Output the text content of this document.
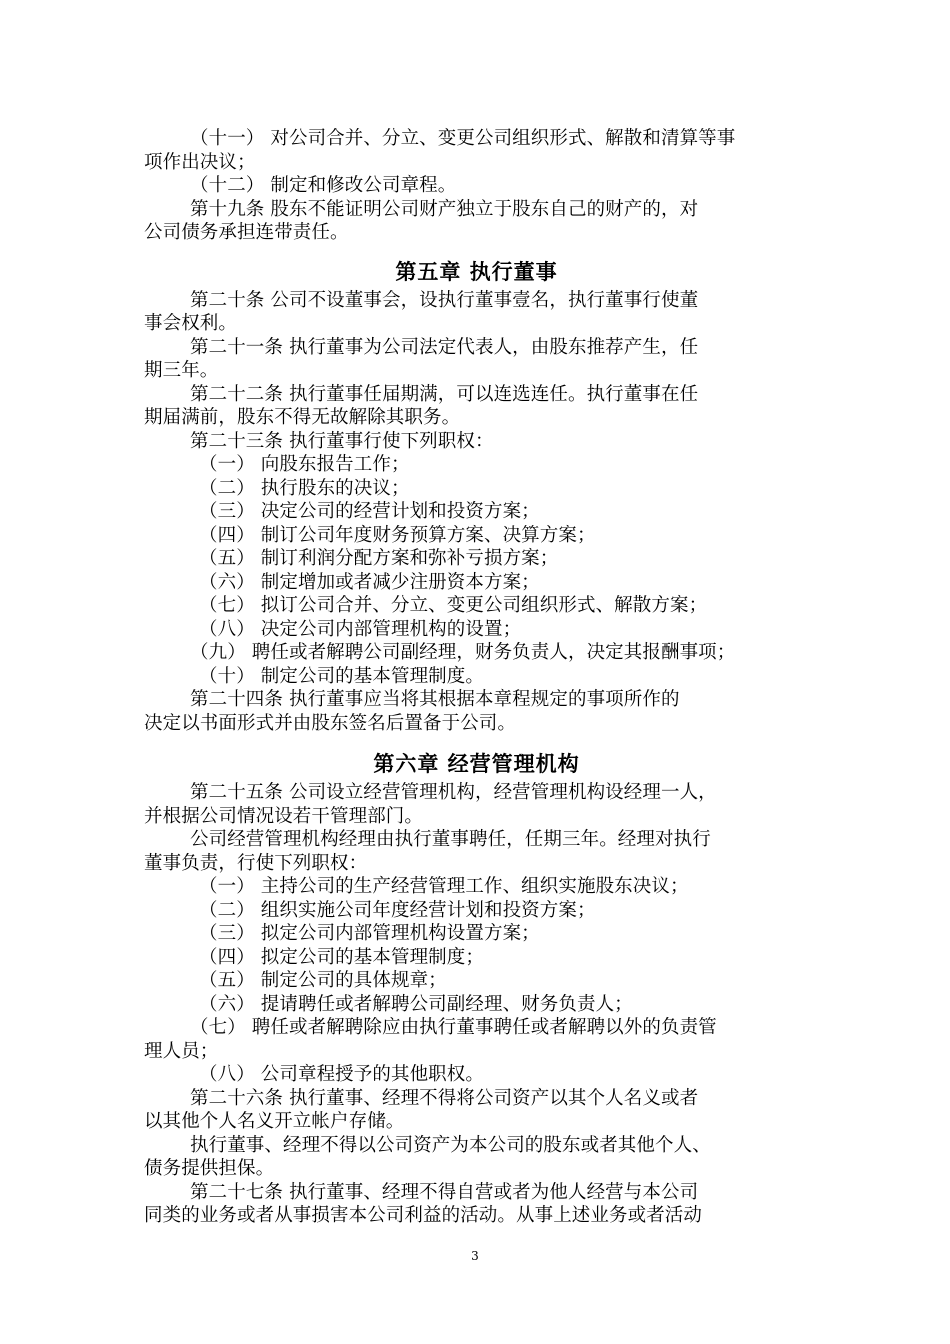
（十一） 对公司合并、分立、变更公司组织形式、解散和清算等事
项作出决议；
（十二） 制定和修改公司章程。
第十九条 股东不能证明公司财产独立于股东自己的财产的，对
公司债务承担连带责任。
第五章 执行董事
第二十条 公司不设董事会，设执行董事壹名，执行董事行使董
事会权利。
第二十一条 执行董事为公司法定代表人，由股东推荐产生，任
期三年。
第二十二条 执行董事任届期满，可以连选连任。执行董事在任
期届满前，股东不得无故解除其职务。
第二十三条 执行董事行使下列职权：
（一） 向股东报告工作；
（二） 执行股东的决议；
（三） 决定公司的经营计划和投资方案；
（四） 制订公司年度财务预算方案、决算方案；
（五） 制订利润分配方案和弥补亏损方案；
（六） 制定增加或者减少注册资本方案；
（七） 拟订公司合并、分立、变更公司组织形式、解散方案；
（八） 决定公司内部管理机构的设置；
（九） 聘任或者解聘公司副经理，财务负责人，决定其报酬事项；
（十） 制定公司的基本管理制度。
第二十四条 执行董事应当将其根据本章程规定的事项所作的
决定以书面形式并由股东签名后置备于公司。
第六章 经营管理机构
第二十五条 公司设立经营管理机构，经营管理机构设经理一人，
并根据公司情况设若干管理部门。
公司经营管理机构经理由执行董事聘任，任期三年。经理对执行
董事负责，行使下列职权：
（一） 主持公司的生产经营管理工作、组织实施股东决议；
（二） 组织实施公司年度经营计划和投资方案；
（三） 拟定公司内部管理机构设置方案；
（四） 拟定公司的基本管理制度；
（五） 制定公司的具体规章；
（六） 提请聘任或者解聘公司副经理、财务负责人；
（七） 聘任或者解聘除应由执行董事聘任或者解聘以外的负责管
理人员；
（八） 公司章程授予的其他职权。
第二十六条 执行董事、经理不得将公司资产以其个人名义或者
以其他个人名义开立帐户存储。
执行董事、经理不得以公司资产为本公司的股东或者其他个人、
债务提供担保。
第二十七条 执行董事、经理不得自营或者为他人经营与本公司
同类的业务或者从事损害本公司利益的活动。从事上述业务或者活动
3
